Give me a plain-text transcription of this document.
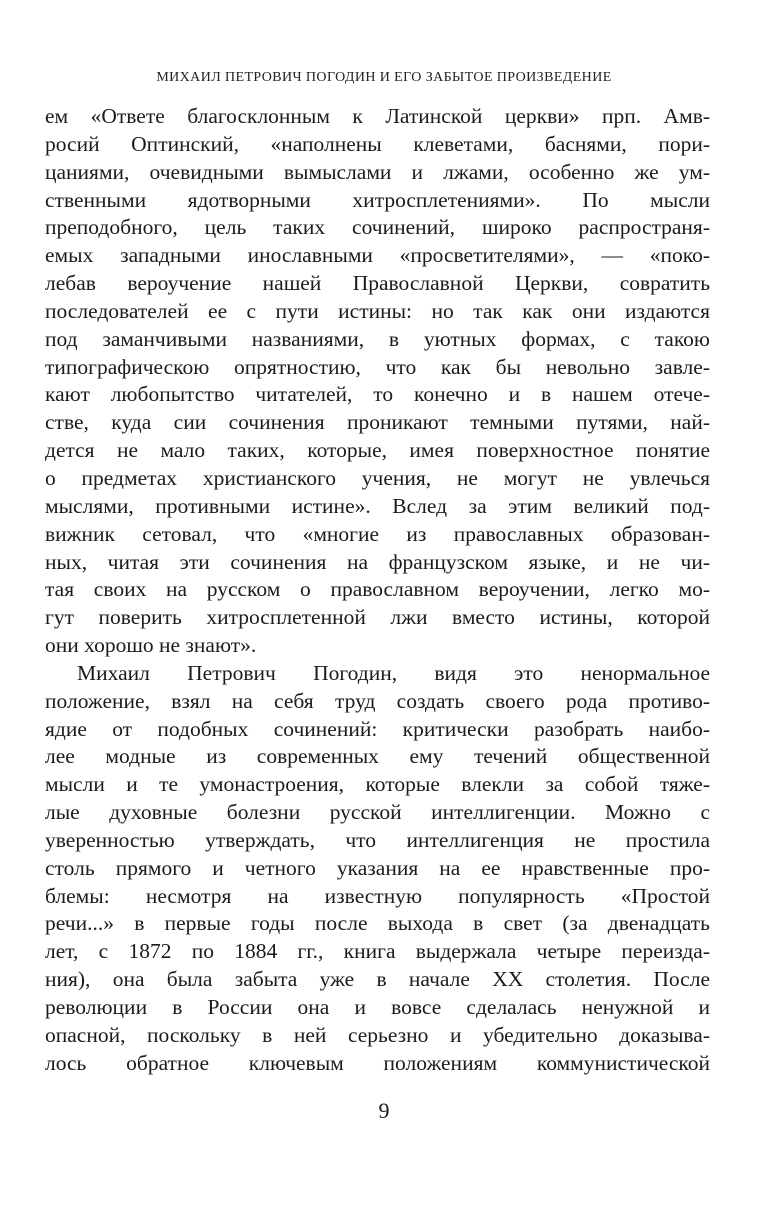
МИХАИЛ ПЕТРОВИЧ ПОГОДИН И ЕГО ЗАБЫТОЕ ПРОИЗВЕДЕНИЕ
ем «Ответе благосклонным к Латинской церкви» прп. Амв-
росий Оптинский, «наполнены клеветами, баснями, пори-
цаниями, очевидными вымыслами и лжами, особенно же ум-
ственными ядотворными хитросплетениями». По мысли
преподобного, цель таких сочинений, широко распространя-
емых западными инославными «просветителями», — «поко-
лебав вероучение нашей Православной Церкви, совратить
последователей ее с пути истины: но так как они издаются
под заманчивыми названиями, в уютных формах, с такою
типографическою опрятностию, что как бы невольно завле-
кают любопытство читателей, то конечно и в нашем отече-
стве, куда сии сочинения проникают темными путями, най-
дется не мало таких, которые, имея поверхностное понятие
о предметах христианского учения, не могут не увлечься
мыслями, противными истине». Вслед за этим великий под-
вижник сетовал, что «многие из православных образован-
ных, читая эти сочинения на французском языке, и не чи-
тая своих на русском о православном вероучении, легко мо-
гут поверить хитросплетенной лжи вместо истины, которой
они хорошо не знают».
Михаил Петрович Погодин, видя это ненормальное
положение, взял на себя труд создать своего рода противо-
ядие от подобных сочинений: критически разобрать наибо-
лее модные из современных ему течений общественной
мысли и те умонастроения, которые влекли за собой тяже-
лые духовные болезни русской интеллигенции. Можно с
уверенностью утверждать, что интеллигенция не простила
столь прямого и четного указания на ее нравственные про-
блемы: несмотря на известную популярность «Простой
речи...» в первые годы после выхода в свет (за двенадцать
лет, с 1872 по 1884 гг., книга выдержала четыре переизда-
ния), она была забыта уже в начале XX столетия. После
революции в России она и вовсе сделалась ненужной и
опасной, поскольку в ней серьезно и убедительно доказыва-
лось обратное ключевым положениям коммунистической
9
